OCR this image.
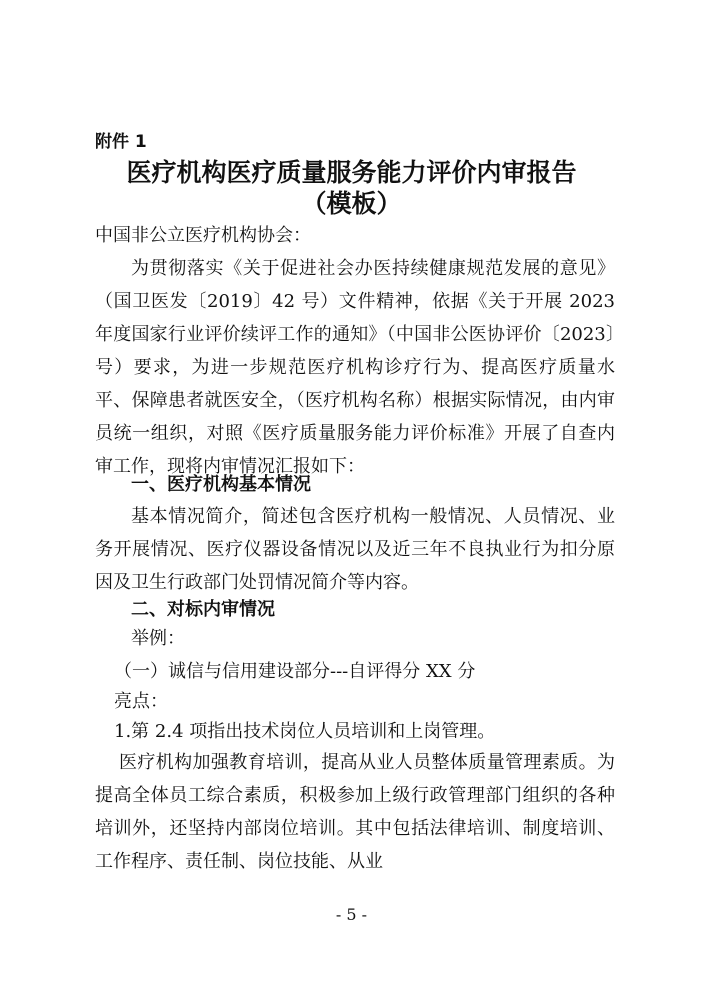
附件 1
医疗机构医疗质量服务能力评价内审报告
（模板）
中国非公立医疗机构协会：
为贯彻落实《关于促进社会办医持续健康规范发展的意见》（国卫医发〔2019〕42 号）文件精神，依据《关于开展 2023 年度国家行业评价续评工作的通知》（中国非公医协评价〔2023〕号）要求，为进一步规范医疗机构诊疗行为、提高医疗质量水平、保障患者就医安全，（医疗机构名称）根据实际情况，由内审员统一组织，对照《医疗质量服务能力评价标准》开展了自查内审工作，现将内审情况汇报如下：
一、医疗机构基本情况
基本情况简介，简述包含医疗机构一般情况、人员情况、业务开展情况、医疗仪器设备情况以及近三年不良执业行为扣分原因及卫生行政部门处罚情况简介等内容。
二、对标内审情况
举例：
（一）诚信与信用建设部分---自评得分 XX 分
亮点：
1.第 2.4 项指出技术岗位人员培训和上岗管理。
医疗机构加强教育培训，提高从业人员整体质量管理素质。为提高全体员工综合素质，积极参加上级行政管理部门组织的各种培训外，还坚持内部岗位培训。其中包括法律培训、制度培训、工作程序、责任制、岗位技能、从业
- 5 -
